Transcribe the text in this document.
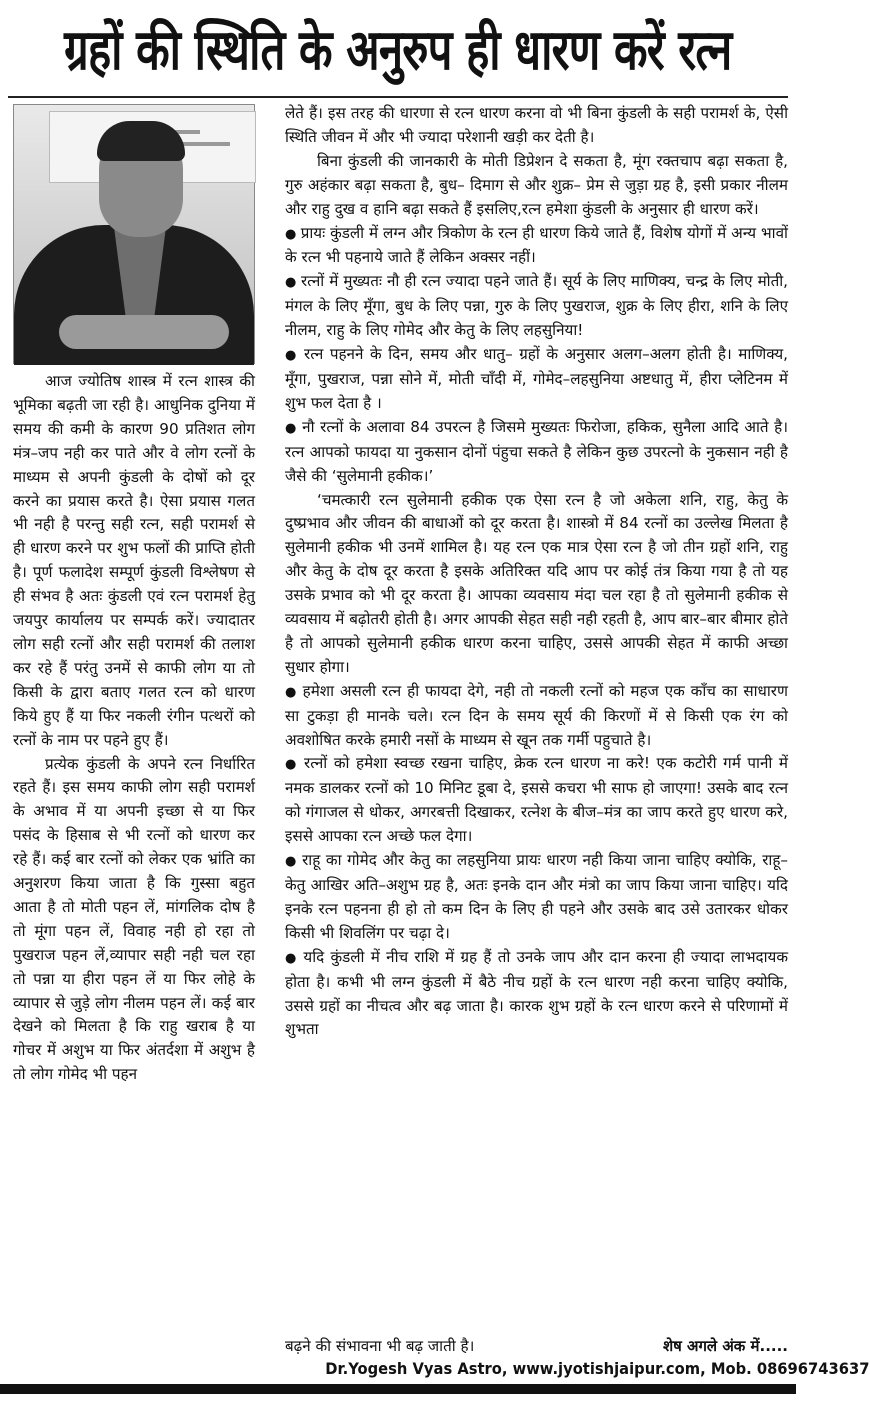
ग्रहों की स्थिति के अनुरुप ही धारण करें रत्न

आज ज्योतिष शास्त्र में रत्न शास्त्र की भूमिका बढ़ती जा रही है। आधुनिक दुनिया में समय की कमी के कारण 90 प्रतिशत लोग मंत्र–जप नही कर पाते और वे लोग रत्नों के माध्यम से अपनी कुंडली के दोषों को दूर करने का प्रयास करते है। ऐसा प्रयास गलत भी नही है परन्तु सही रत्न, सही परामर्श से ही धारण करने पर शुभ फलों की प्राप्ति होती है। पूर्ण फलादेश सम्पूर्ण कुंडली विश्लेषण से ही संभव है अतः कुंडली एवं रत्न परामर्श हेतु जयपुर कार्यालय पर सम्पर्क करें। ज्यादातर लोग सही रत्नों और सही परामर्श की तलाश कर रहे हैं परंतु उनमें से काफी लोग या तो किसी के द्वारा बताए गलत रत्न को धारण किये हुए हैं या फिर नकली रंगीन पत्थरों को रत्नों के नाम पर पहने हुए हैं।

प्रत्येक कुंडली के अपने रत्न निर्धारित रहते हैं। इस समय काफी लोग सही परामर्श के अभाव में या अपनी इच्छा से या फिर पसंद के हिसाब से भी रत्नों को धारण कर रहे हैं। कई बार रत्नों को लेकर एक भ्रांति का अनुशरण किया जाता है कि गुस्सा बहुत आता है तो मोती पहन लें, मांगलिक दोष है तो मूंगा पहन लें, विवाह नही हो रहा तो पुखराज पहन लें,व्यापार सही नही चल रहा तो पन्ना या हीरा पहन लें या फिर लोहे के व्यापार से जुड़े लोग नीलम पहन लें। कई बार देखने को मिलता है कि राहु खराब है या गोचर में अशुभ या फिर अंतर्दशा में अशुभ है तो लोग गोमेद भी पहन

लेते हैं। इस तरह की धारणा से रत्न धारण करना वो भी बिना कुंडली के सही परामर्श के, ऐसी स्थिति जीवन में और भी ज्यादा परेशानी खड़ी कर देती है।

बिना कुंडली की जानकारी के मोती डिप्रेशन दे सकता है, मूंग रक्तचाप बढ़ा सकता है, गुरु अहंकार बढ़ा सकता है, बुध– दिमाग से और शुक्र– प्रेम से जुड़ा ग्रह है, इसी प्रकार नीलम और राहु दुख व हानि बढ़ा सकते हैं इसलिए,रत्न हमेशा कुंडली के अनुसार ही धारण करें।

● प्रायः कुंडली में लग्न और त्रिकोण के रत्न ही धारण किये जाते हैं, विशेष योगों में अन्य भावों के रत्न भी पहनाये जाते हैं लेकिन अक्सर नहीं।

● रत्नों में मुख्यतः नौ ही रत्न ज्यादा पहने जाते हैं। सूर्य के लिए माणिक्य, चन्द्र के लिए मोती, मंगल के लिए मूँगा, बुध के लिए पन्ना, गुरु के लिए पुखराज, शुक्र के लिए हीरा, शनि के लिए नीलम, राहु के लिए गोमेद और केतु के लिए लहसुनिया!

● रत्न पहनने के दिन, समय और धातु– ग्रहों के अनुसार अलग–अलग होती है। माणिक्य, मूँगा, पुखराज, पन्ना सोने में, मोती चाँदी में, गोमेद–लहसुनिया अष्टधातु में, हीरा प्लेटिनम में शुभ फल देता है ।

● नौ रत्नों के अलावा 84 उपरत्न है जिसमे मुख्यतः फिरोजा, हकिक, सुनैला आदि आते है। रत्न आपको फायदा या नुकसान दोनों पंहुचा सकते है लेकिन कुछ उपरत्नो के नुकसान नही है जैसे की ‘सुलेमानी हकीक।’

‘चमत्कारी रत्न सुलेमानी हकीक एक ऐसा रत्न है जो अकेला शनि, राहु, केतु के दुष्प्रभाव और जीवन की बाधाओं को दूर करता है। शास्त्रो में 84 रत्नों का उल्लेख मिलता है सुलेमानी हकीक भी उनमें शामिल है। यह रत्न एक मात्र ऐसा रत्न है जो तीन ग्रहों शनि, राहु और केतु के दोष दूर करता है इसके अतिरिक्त यदि आप पर कोई तंत्र किया गया है तो यह उसके प्रभाव को भी दूर करता है। आपका व्यवसाय मंदा चल रहा है तो सुलेमानी हकीक से व्यवसाय में बढ़ोतरी होती है। अगर आपकी सेहत सही नही रहती है, आप बार–बार बीमार होते है तो आपको सुलेमानी हकीक धारण करना चाहिए, उससे आपकी सेहत में काफी अच्छा सुधार होगा।

● हमेशा असली रत्न ही फायदा देगे, नही तो नकली रत्नों को महज एक काँच का साधारण सा टुकड़ा ही मानके चले। रत्न दिन के समय सूर्य की किरणों में से किसी एक रंग को अवशोषित करके हमारी नसों के माध्यम से खून तक गर्मी पहुचाते है।

● रत्नों को हमेशा स्वच्छ रखना चाहिए, क्रेक रत्न धारण ना करे! एक कटोरी गर्म पानी में नमक डालकर रत्नों को 10 मिनिट डूबा दे, इससे कचरा भी साफ हो जाएगा! उसके बाद रत्न को गंगाजल से धोकर, अगरबत्ती दिखाकर, रत्नेश के बीज–मंत्र का जाप करते हुए धारण करे, इससे आपका रत्न अच्छे फल देगा।

● राहू का गोमेद और केतु का लहसुनिया प्रायः धारण नही किया जाना चाहिए क्योकि, राहू–केतु आखिर अति–अशुभ ग्रह है, अतः इनके दान और मंत्रो का जाप किया जाना चाहिए। यदि इनके रत्न पहनना ही हो तो कम दिन के लिए ही पहने और उसके बाद उसे उतारकर धोकर किसी भी शिवलिंग पर चढ़ा दे।

● यदि कुंडली में नीच राशि में ग्रह हैं तो उनके जाप और दान करना ही ज्यादा लाभदायक होता है। कभी भी लग्न कुंडली में बैठे नीच ग्रहों के रत्न धारण नही करना चाहिए क्योकि, उससे ग्रहों का नीचत्व और बढ़ जाता है। कारक शुभ ग्रहों के रत्न धारण करने से परिणामों में शुभता

बढ़ने की संभावना भी बढ़ जाती है।	शेष अगले अंक में.....
Dr.Yogesh Vyas Astro, www.jyotishjaipur.com, Mob. 08696743637
